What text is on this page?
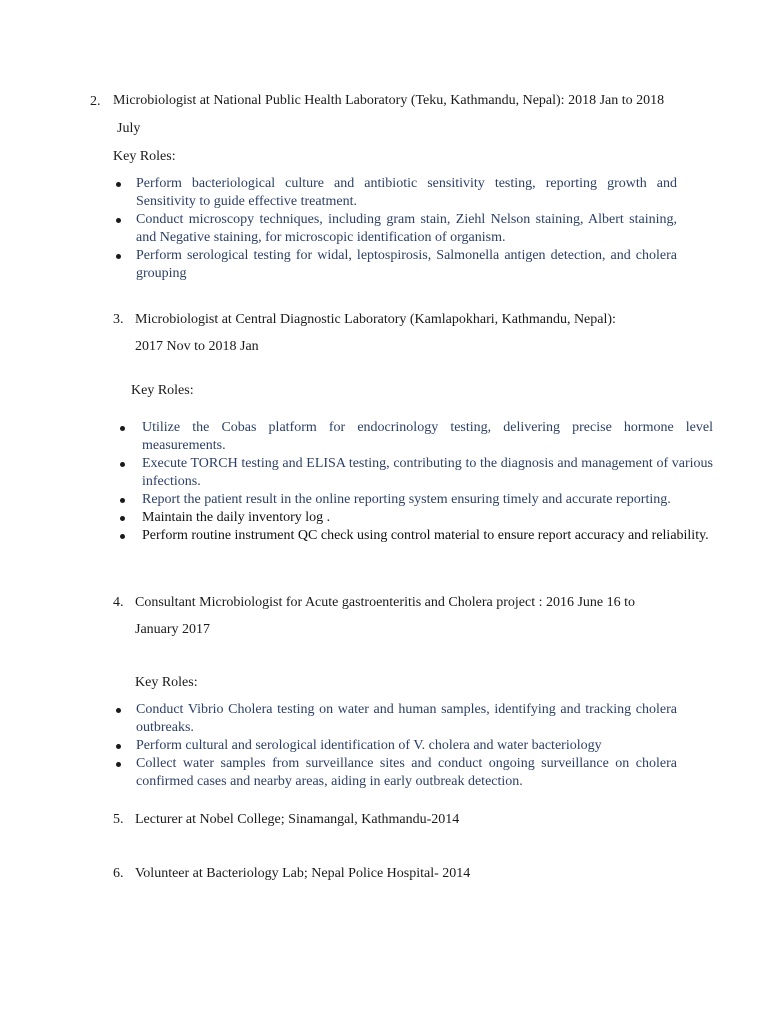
2. Microbiologist at National Public Health Laboratory (Teku, Kathmandu, Nepal): 2018 Jan to 2018
July
Key Roles:
Perform bacteriological culture and antibiotic sensitivity testing, reporting growth and Sensitivity to guide effective treatment.
Conduct microscopy techniques, including gram stain, Ziehl Nelson staining, Albert staining, and Negative staining, for microscopic identification of organism.
Perform serological testing for widal, leptospirosis, Salmonella antigen detection, and cholera grouping
3. Microbiologist at Central Diagnostic Laboratory (Kamlapokhari, Kathmandu, Nepal):
2017 Nov to 2018 Jan
Key Roles:
Utilize the Cobas platform for endocrinology testing, delivering precise hormone level measurements.
Execute TORCH testing and ELISA testing, contributing to the diagnosis and management of various infections.
Report the patient result in the online reporting system ensuring timely and accurate reporting.
Maintain the daily inventory log .
Perform routine instrument QC check using control material to ensure report accuracy and reliability.
4. Consultant Microbiologist for Acute gastroenteritis and Cholera project : 2016 June 16 to
January 2017
Key Roles:
Conduct Vibrio Cholera testing on water and human samples, identifying and tracking cholera outbreaks.
Perform cultural and serological identification of V. cholera and water bacteriology
Collect water samples from surveillance sites and conduct ongoing surveillance on cholera confirmed cases and nearby areas, aiding in early outbreak detection.
5. Lecturer at Nobel College; Sinamangal, Kathmandu-2014
6. Volunteer at Bacteriology Lab; Nepal Police Hospital- 2014
